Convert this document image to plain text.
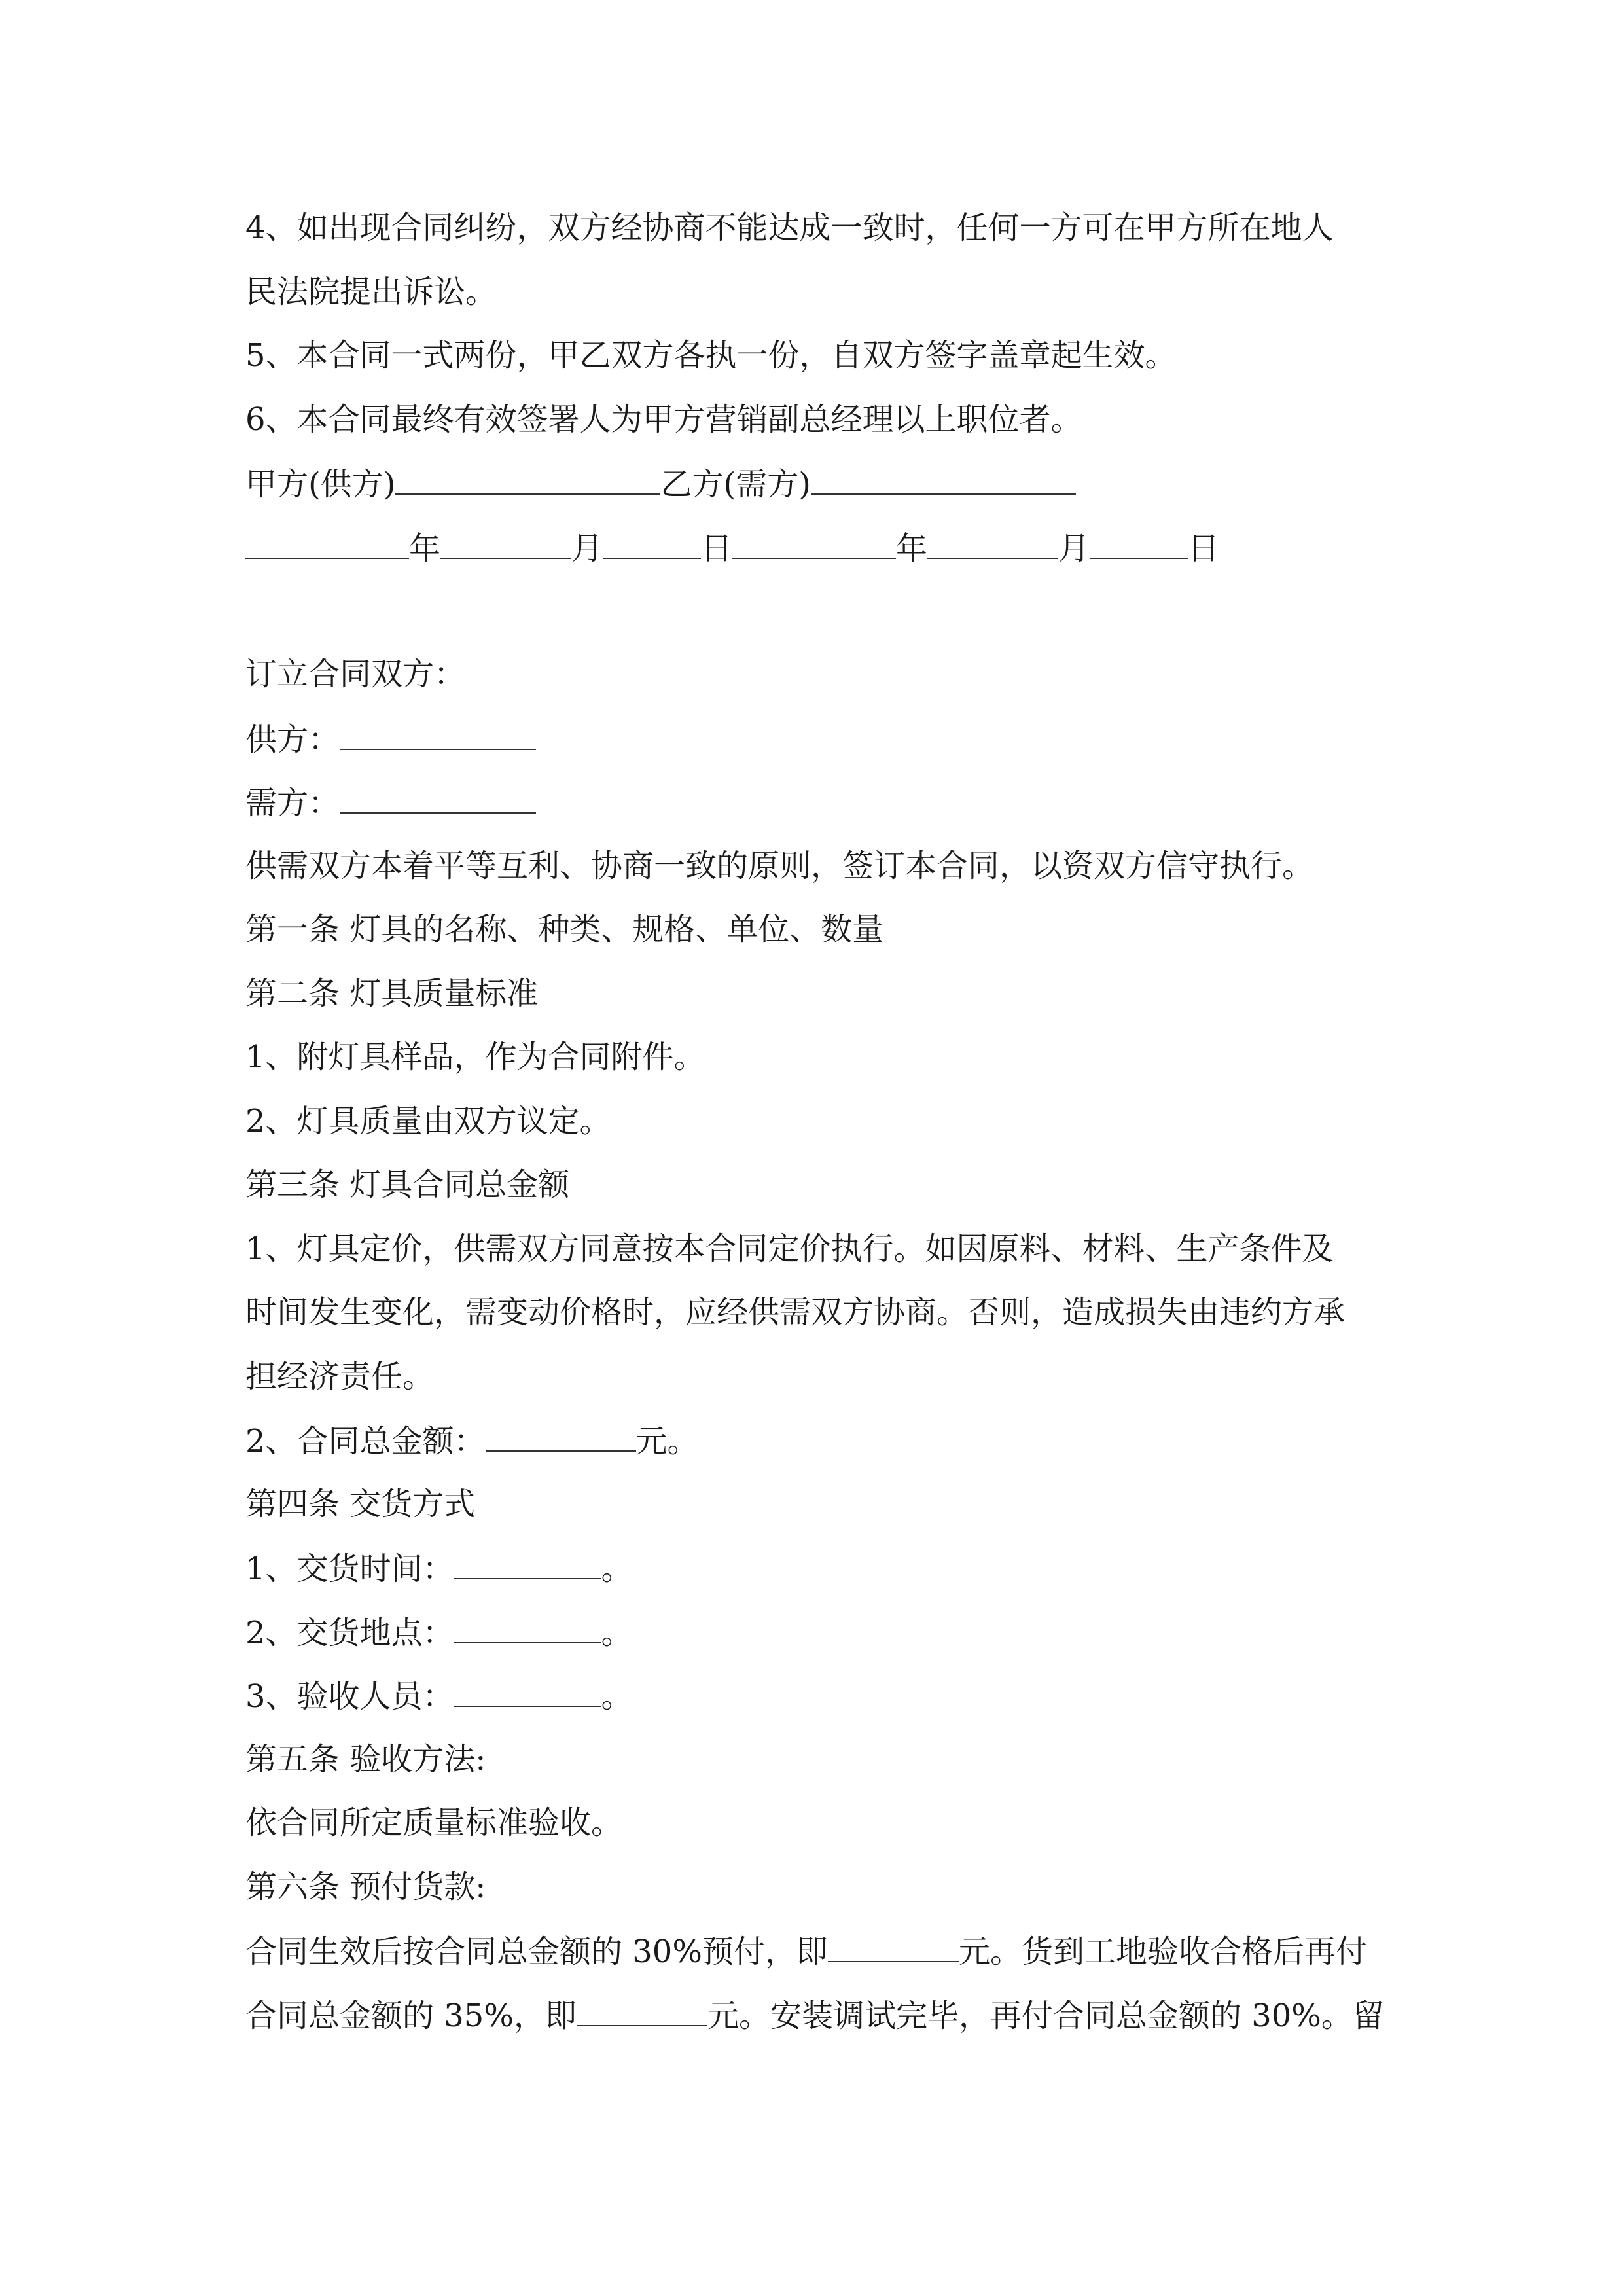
4、如出现合同纠纷，双方经协商不能达成一致时，任何一方可在甲方所在地人
民法院提出诉讼。
5、本合同一式两份，甲乙双方各执一份，自双方签字盖章起生效。
6、本合同最终有效签署人为甲方营销副总经理以上职位者。
甲方(供方)	乙方(需方)
年	月	日	年	月	日
订立合同双方：
供方：
需方：
供需双方本着平等互利、协商一致的原则，签订本合同，以资双方信守执行。
第一条 灯具的名称、种类、规格、单位、数量
第二条 灯具质量标准
1、附灯具样品，作为合同附件。
2、灯具质量由双方议定。
第三条 灯具合同总金额
1、灯具定价，供需双方同意按本合同定价执行。如因原料、材料、生产条件及
时间发生变化，需变动价格时，应经供需双方协商。否则，造成损失由违约方承
担经济责任。
2、合同总金额：	元。
第四条 交货方式
1、交货时间：	。
2、交货地点：	。
3、验收人员：	。
第五条 验收方法:
依合同所定质量标准验收。
第六条 预付货款:
合同生效后按合同总金额的 30%预付，即	元。货到工地验收合格后再付
合同总金额的 35%，即	元。安装调试完毕，再付合同总金额的 30%。留
